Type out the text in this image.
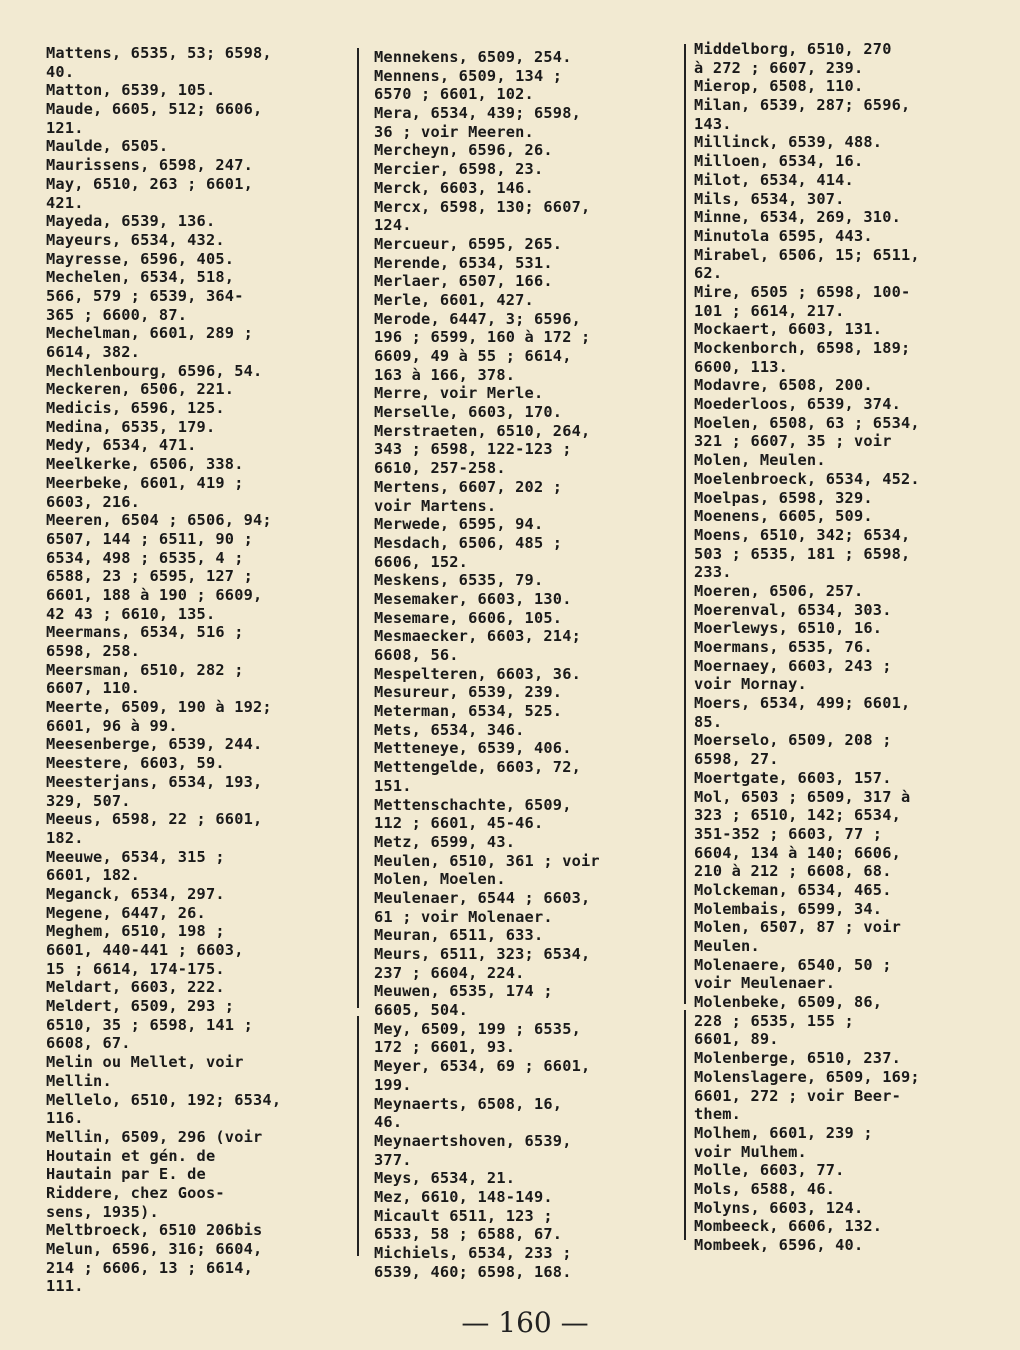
Mattens, 6535, 53; 6598,
40.
Matton, 6539, 105.
Maude, 6605, 512; 6606,
121.
Maulde, 6505.
Maurissens, 6598, 247.
May, 6510, 263 ; 6601,
421.
Mayeda, 6539, 136.
Mayeurs, 6534, 432.
Mayresse, 6596, 405.
Mechelen, 6534, 518,
566, 579 ; 6539, 364-
365 ; 6600, 87.
Mechelman, 6601, 289 ;
6614, 382.
Mechlenbourg, 6596, 54.
Meckeren, 6506, 221.
Medicis, 6596, 125.
Medina, 6535, 179.
Medy, 6534, 471.
Meelkerke, 6506, 338.
Meerbeke, 6601, 419 ;
6603, 216.
Meeren, 6504 ; 6506, 94;
6507, 144 ; 6511, 90 ;
6534, 498 ; 6535, 4 ;
6588, 23 ; 6595, 127 ;
6601, 188 à 190 ; 6609,
42 43 ; 6610, 135.
Meermans, 6534, 516 ;
6598, 258.
Meersman, 6510, 282 ;
6607, 110.
Meerte, 6509, 190 à 192;
6601, 96 à 99.
Meesenberge, 6539, 244.
Meestere, 6603, 59.
Meesterjans, 6534, 193,
329, 507.
Meeus, 6598, 22 ; 6601,
182.
Meeuwe, 6534, 315 ;
6601, 182.
Meganck, 6534, 297.
Megene, 6447, 26.
Meghem, 6510, 198 ;
6601, 440-441 ; 6603,
15 ; 6614, 174-175.
Meldart, 6603, 222.
Meldert, 6509, 293 ;
6510, 35 ; 6598, 141 ;
6608, 67.
Melin ou Mellet, voir
Mellin.
Mellelo, 6510, 192; 6534,
116.
Mellin, 6509, 296 (voir
Houtain et gén. de
Hautain par E. de
Riddere, chez Goos-
sens, 1935).
Meltbroeck, 6510 206bis
Melun, 6596, 316; 6604,
214 ; 6606, 13 ; 6614,
111.
Mennekens, 6509, 254.
Mennens, 6509, 134 ;
6570 ; 6601, 102.
Mera, 6534, 439; 6598,
36 ; voir Meeren.
Mercheyn, 6596, 26.
Mercier, 6598, 23.
Merck, 6603, 146.
Mercx, 6598, 130; 6607,
124.
Mercueur, 6595, 265.
Merende, 6534, 531.
Merlaer, 6507, 166.
Merle, 6601, 427.
Merode, 6447, 3; 6596,
196 ; 6599, 160 à 172 ;
6609, 49 à 55 ; 6614,
163 à 166, 378.
Merre, voir Merle.
Merselle, 6603, 170.
Merstraeten, 6510, 264,
343 ; 6598, 122-123 ;
6610, 257-258.
Mertens, 6607, 202 ;
voir Martens.
Merwede, 6595, 94.
Mesdach, 6506, 485 ;
6606, 152.
Meskens, 6535, 79.
Mesemaker, 6603, 130.
Mesemare, 6606, 105.
Mesmaecker, 6603, 214;
6608, 56.
Mespelteren, 6603, 36.
Mesureur, 6539, 239.
Meterman, 6534, 525.
Mets, 6534, 346.
Metteneye, 6539, 406.
Mettengelde, 6603, 72,
151.
Mettenschachte, 6509,
112 ; 6601, 45-46.
Metz, 6599, 43.
Meulen, 6510, 361 ; voir
Molen, Moelen.
Meulenaer, 6544 ; 6603,
61 ; voir Molenaer.
Meuran, 6511, 633.
Meurs, 6511, 323; 6534,
237 ; 6604, 224.
Meuwen, 6535, 174 ;
6605, 504.
Mey, 6509, 199 ; 6535,
172 ; 6601, 93.
Meyer, 6534, 69 ; 6601,
199.
Meynaerts, 6508, 16,
46.
Meynaertshoven, 6539,
377.
Meys, 6534, 21.
Mez, 6610, 148-149.
Micault 6511, 123 ;
6533, 58 ; 6588, 67.
Michiels, 6534, 233 ;
6539, 460; 6598, 168.
Middelborg, 6510, 270
à 272 ; 6607, 239.
Mierop, 6508, 110.
Milan, 6539, 287; 6596,
143.
Millinck, 6539, 488.
Milloen, 6534, 16.
Milot, 6534, 414.
Mils, 6534, 307.
Minne, 6534, 269, 310.
Minutola 6595, 443.
Mirabel, 6506, 15; 6511,
62.
Mire, 6505 ; 6598, 100-
101 ; 6614, 217.
Mockaert, 6603, 131.
Mockenborch, 6598, 189;
6600, 113.
Modavre, 6508, 200.
Moederloos, 6539, 374.
Moelen, 6508, 63 ; 6534,
321 ; 6607, 35 ; voir
Molen, Meulen.
Moelenbroeck, 6534, 452.
Moelpas, 6598, 329.
Moenens, 6605, 509.
Moens, 6510, 342; 6534,
503 ; 6535, 181 ; 6598,
233.
Moeren, 6506, 257.
Moerenval, 6534, 303.
Moerlewys, 6510, 16.
Moermans, 6535, 76.
Moernaey, 6603, 243 ;
voir Mornay.
Moers, 6534, 499; 6601,
85.
Moerselo, 6509, 208 ;
6598, 27.
Moertgate, 6603, 157.
Mol, 6503 ; 6509, 317 à
323 ; 6510, 142; 6534,
351-352 ; 6603, 77 ;
6604, 134 à 140; 6606,
210 à 212 ; 6608, 68.
Molckeman, 6534, 465.
Molembais, 6599, 34.
Molen, 6507, 87 ; voir
Meulen.
Molenaere, 6540, 50 ;
voir Meulenaer.
Molenbeke, 6509, 86,
228 ; 6535, 155 ;
6601, 89.
Molenberge, 6510, 237.
Molenslagere, 6509, 169;
6601, 272 ; voir Beer-
them.
Molhem, 6601, 239 ;
voir Mulhem.
Molle, 6603, 77.
Mols, 6588, 46.
Molyns, 6603, 124.
Mombeeck, 6606, 132.
Mombeek, 6596, 40.
— 160 —
